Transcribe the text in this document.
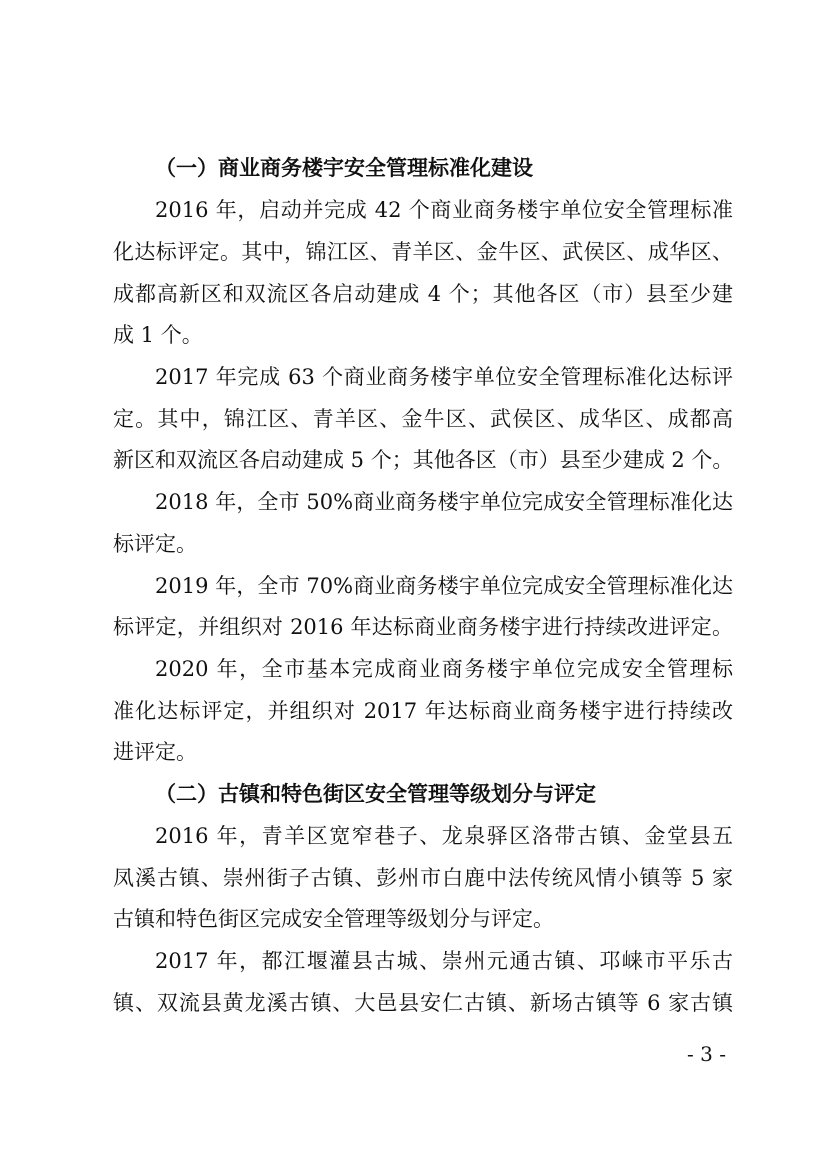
（一）商业商务楼宇安全管理标准化建设
2016 年，启动并完成 42 个商业商务楼宇单位安全管理标准
化达标评定。其中，锦江区、青羊区、金牛区、武侯区、成华区、
成都高新区和双流区各启动建成 4 个；其他各区（市）县至少建
成 1 个。
2017 年完成 63 个商业商务楼宇单位安全管理标准化达标评
定。其中，锦江区、青羊区、金牛区、武侯区、成华区、成都高
新区和双流区各启动建成 5 个；其他各区（市）县至少建成 2 个。
2018 年，全市 50%商业商务楼宇单位完成安全管理标准化达
标评定。
2019 年，全市 70%商业商务楼宇单位完成安全管理标准化达
标评定，并组织对 2016 年达标商业商务楼宇进行持续改进评定。
2020 年，全市基本完成商业商务楼宇单位完成安全管理标
准化达标评定，并组织对 2017 年达标商业商务楼宇进行持续改
进评定。
（二）古镇和特色街区安全管理等级划分与评定
2016 年，青羊区宽窄巷子、龙泉驿区洛带古镇、金堂县五
凤溪古镇、崇州街子古镇、彭州市白鹿中法传统风情小镇等 5 家
古镇和特色街区完成安全管理等级划分与评定。
2017 年，都江堰灌县古城、崇州元通古镇、邛崃市平乐古
镇、双流县黄龙溪古镇、大邑县安仁古镇、新场古镇等 6 家古镇
- 3 -
